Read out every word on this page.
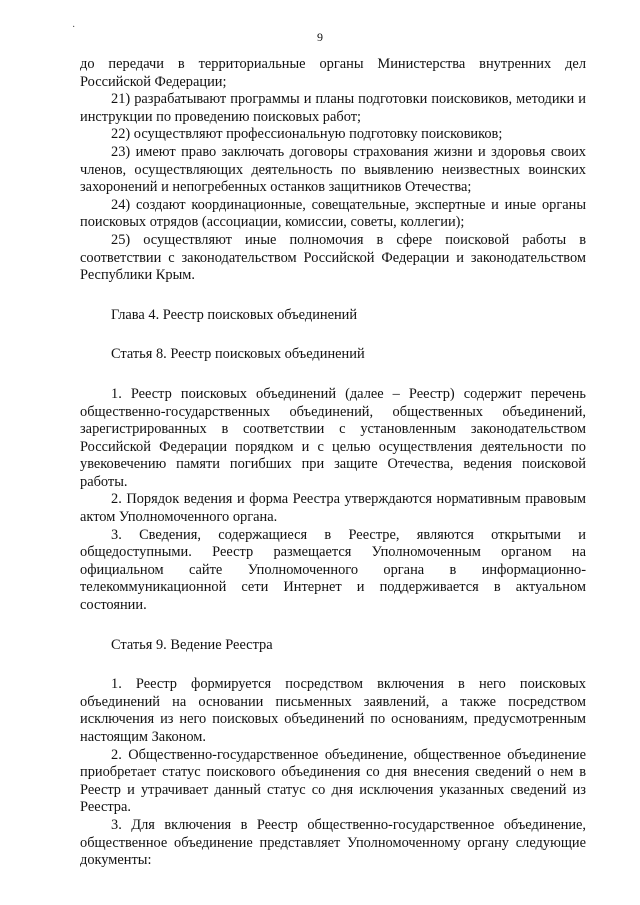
·
9

до передачи в территориальные органы Министерства внутренних дел Российской Федерации;

21) разрабатывают программы и планы подготовки поисковиков, методики и инструкции по проведению поисковых работ;

22) осуществляют профессиональную подготовку поисковиков;

23) имеют право заключать договоры страхования жизни и здоровья своих членов, осуществляющих деятельность по выявлению неизвестных воинских захоронений и непогребенных останков защитников Отечества;

24) создают координационные, совещательные, экспертные и иные органы поисковых отрядов (ассоциации, комиссии, советы, коллегии);

25) осуществляют иные полномочия в сфере поисковой работы в соответствии с законодательством Российской Федерации и законодательством Республики Крым.

Глава 4. Реестр поисковых объединений

Статья 8. Реестр поисковых объединений

1. Реестр поисковых объединений (далее – Реестр) содержит перечень общественно-государственных объединений, общественных объединений, зарегистрированных в соответствии с установленным законодательством Российской Федерации порядком и с целью осуществления деятельности по увековечению памяти погибших при защите Отечества, ведения поисковой работы.

2. Порядок ведения и форма Реестра утверждаются нормативным правовым актом Уполномоченного органа.

3. Сведения, содержащиеся в Реестре, являются открытыми и общедоступными. Реестр размещается Уполномоченным органом на официальном сайте Уполномоченного органа в информационно-телекоммуникационной сети Интернет и поддерживается в актуальном состоянии.

Статья 9. Ведение Реестра

1. Реестр формируется посредством включения в него поисковых объединений на основании письменных заявлений, а также посредством исключения из него поисковых объединений по основаниям, предусмотренным настоящим Законом.

2. Общественно-государственное объединение, общественное объединение приобретает статус поискового объединения со дня внесения сведений о нем в Реестр и утрачивает данный статус со дня исключения указанных сведений из Реестра.

3. Для включения в Реестр общественно-государственное объединение, общественное объединение представляет Уполномоченному органу следующие документы:
